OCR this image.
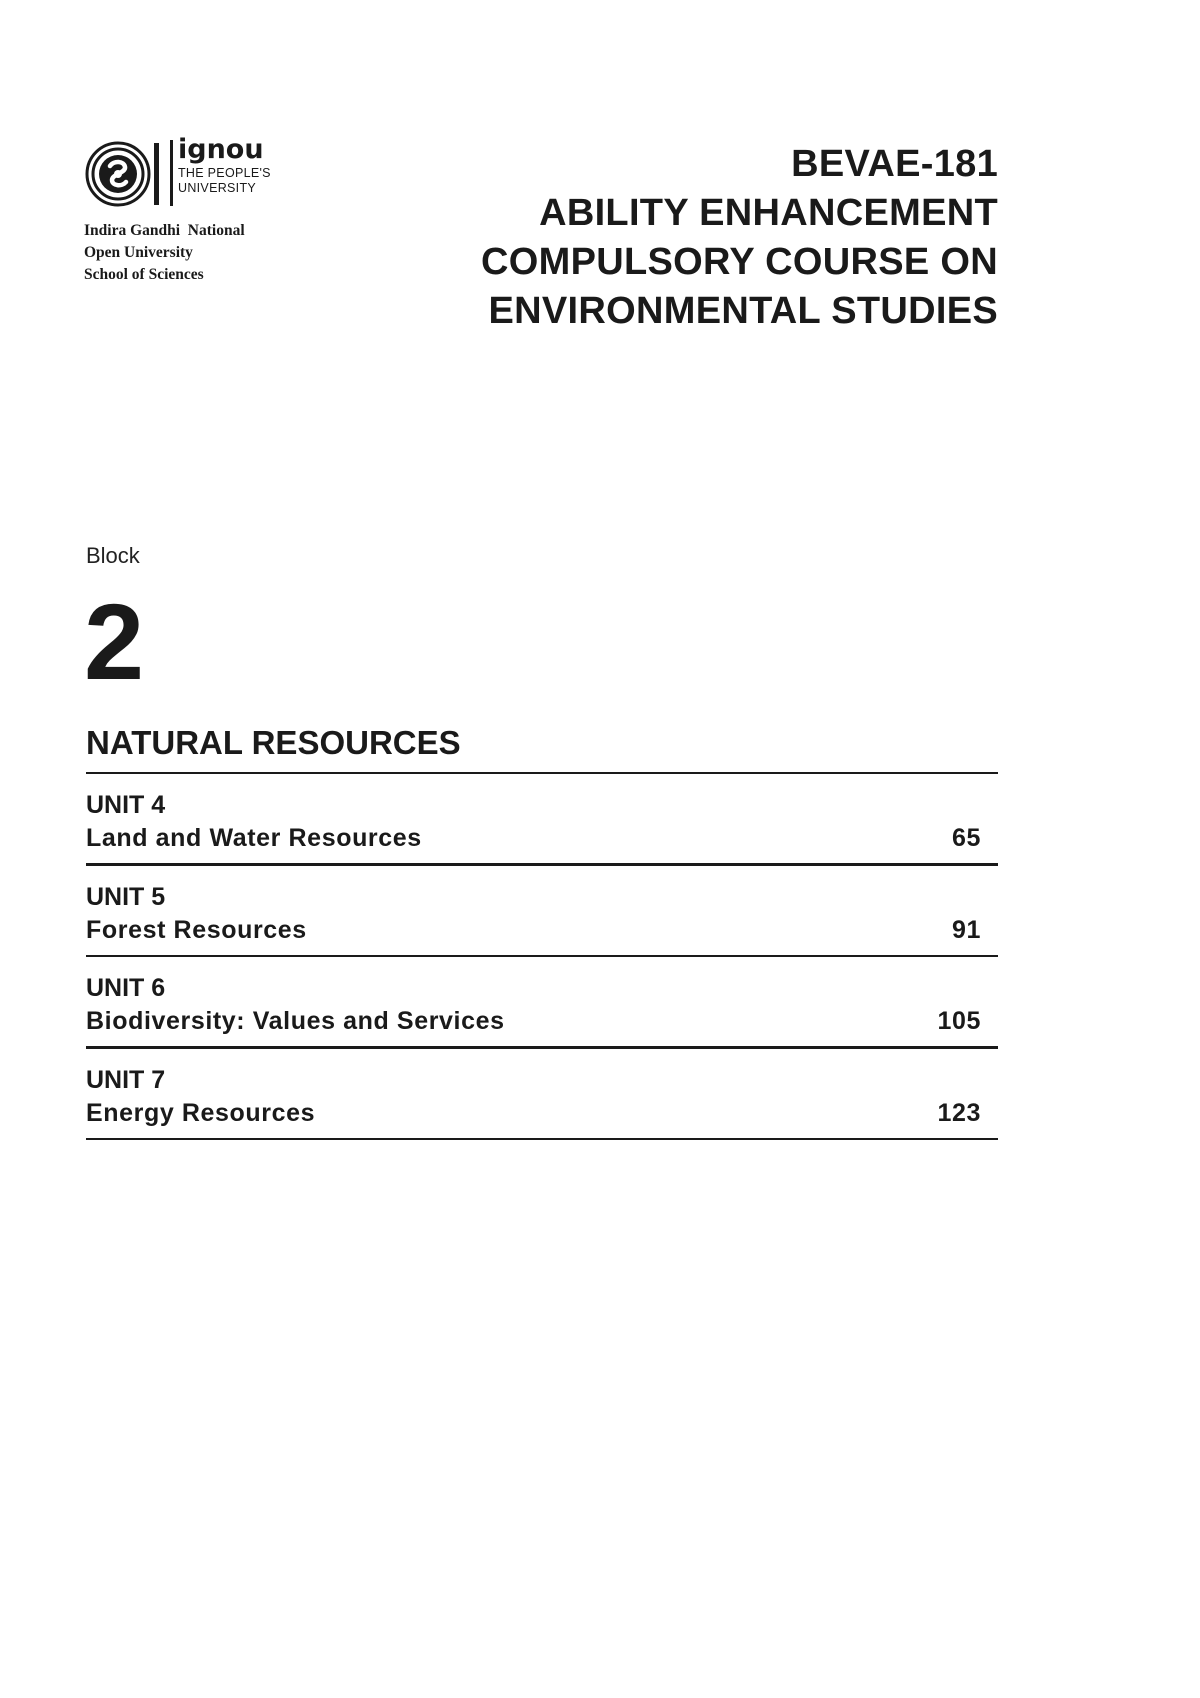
ignou
THE PEOPLE'S
UNIVERSITY
Indira Gandhi  National
Open University
School of Sciences
BEVAE-181
ABILITY ENHANCEMENT
COMPULSORY COURSE ON
ENVIRONMENTAL STUDIES
Block
2
NATURAL RESOURCES
UNIT 4
Land and Water Resources	65
UNIT 5
Forest Resources	91
UNIT 6
Biodiversity: Values and Services	105
UNIT 7
Energy Resources	123
